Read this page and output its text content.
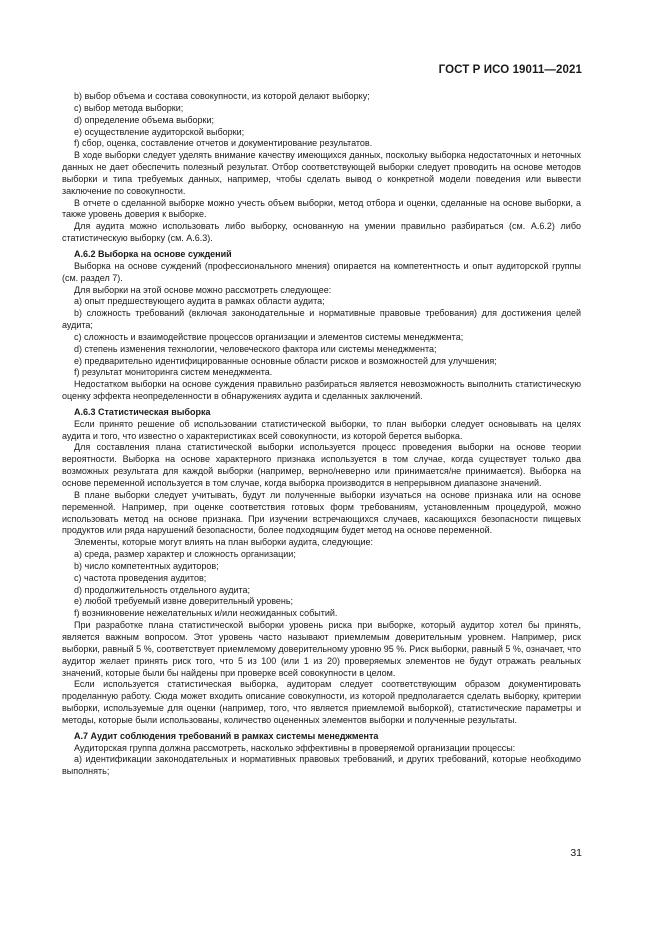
ГОСТ Р ИСО 19011—2021

b) выбор объема и состава совокупности, из которой делают выборку;

c) выбор метода выборки;

d) определение объема выборки;

e) осуществление аудиторской выборки;

f) сбор, оценка, составление отчетов и документирование результатов.

В ходе выборки следует уделять внимание качеству имеющихся данных, поскольку выборка недостаточных и неточных данных не дает обеспечить полезный результат. Отбор соответствующей выборки следует проводить на основе методов выборки и типа требуемых данных, например, чтобы сделать вывод о конкретной модели поведения или вывести заключение по совокупности.

В отчете о сделанной выборке можно учесть объем выборки, метод отбора и оценки, сделанные на основе выборки, а также уровень доверия к выборке.

Для аудита можно использовать либо выборку, основанную на умении правильно разбираться (см. А.6.2) либо статистическую выборку (см. А.6.3).

А.6.2 Выборка на основе суждений

Выборка на основе суждений (профессионального мнения) опирается на компетентность и опыт аудиторской группы (см. раздел 7).

Для выборки на этой основе можно рассмотреть следующее:

a) опыт предшествующего аудита в рамках области аудита;

b) сложность требований (включая законодательные и нормативные правовые требования) для достижения целей аудита;

c) сложность и взаимодействие процессов организации и элементов системы менеджмента;

d) степень изменения технологии, человеческого фактора или системы менеджмента;

e) предварительно идентифицированные основные области рисков и возможностей для улучшения;

f) результат мониторинга систем менеджмента.

Недостатком выборки на основе суждения правильно разбираться является невозможность выполнить статистическую оценку эффекта неопределенности в обнаружениях аудита и сделанных заключений.

А.6.3 Статистическая выборка

Если принято решение об использовании статистической выборки, то план выборки следует основывать на целях аудита и того, что известно о характеристиках всей совокупности, из которой берется выборка.

Для составления плана статистической выборки используется процесс проведения выборки на основе теории вероятности. Выборка на основе характерного признака используется в том случае, когда существует только два возможных результата для каждой выборки (например, верно/неверно или принимается/не принимается). Выборка на основе переменной используется в том случае, когда выборка производится в непрерывном диапазоне значений.

В плане выборки следует учитывать, будут ли полученные выборки изучаться на основе признака или на основе переменной. Например, при оценке соответствия готовых форм требованиям, установленным процедурой, можно использовать метод на основе признака. При изучении встречающихся случаев, касающихся безопасности пищевых продуктов или ряда нарушений безопасности, более подходящим будет метод на основе переменной.

Элементы, которые могут влиять на план выборки аудита, следующие:

a) среда, размер характер и сложность организации;

b) число компетентных аудиторов;

c) частота проведения аудитов;

d) продолжительность отдельного аудита;

e) любой требуемый извне доверительный уровень;

f) возникновение нежелательных и/или неожиданных событий.

При разработке плана статистической выборки уровень риска при выборке, который аудитор хотел бы принять, является важным вопросом. Этот уровень часто называют приемлемым доверительным уровнем. Например, риск выборки, равный 5 %, соответствует приемлемому доверительному уровню 95 %. Риск выборки, равный 5 %, означает, что аудитор желает принять риск того, что 5 из 100 (или 1 из 20) проверяемых элементов не будут отражать реальных значений, которые были бы найдены при проверке всей совокупности в целом.

Если используется статистическая выборка, аудиторам следует соответствующим образом документировать проделанную работу. Сюда может входить описание совокупности, из которой предполагается сделать выборку, критерии выборки, используемые для оценки (например, того, что является приемлемой выборкой), статистические параметры и методы, которые были использованы, количество оцененных элементов выборки и полученные результаты.

А.7 Аудит соблюдения требований в рамках системы менеджмента

Аудиторская группа должна рассмотреть, насколько эффективны в проверяемой организации процессы:

a) идентификации законодательных и нормативных правовых требований, и других требований, которые необходимо выполнять;

31
